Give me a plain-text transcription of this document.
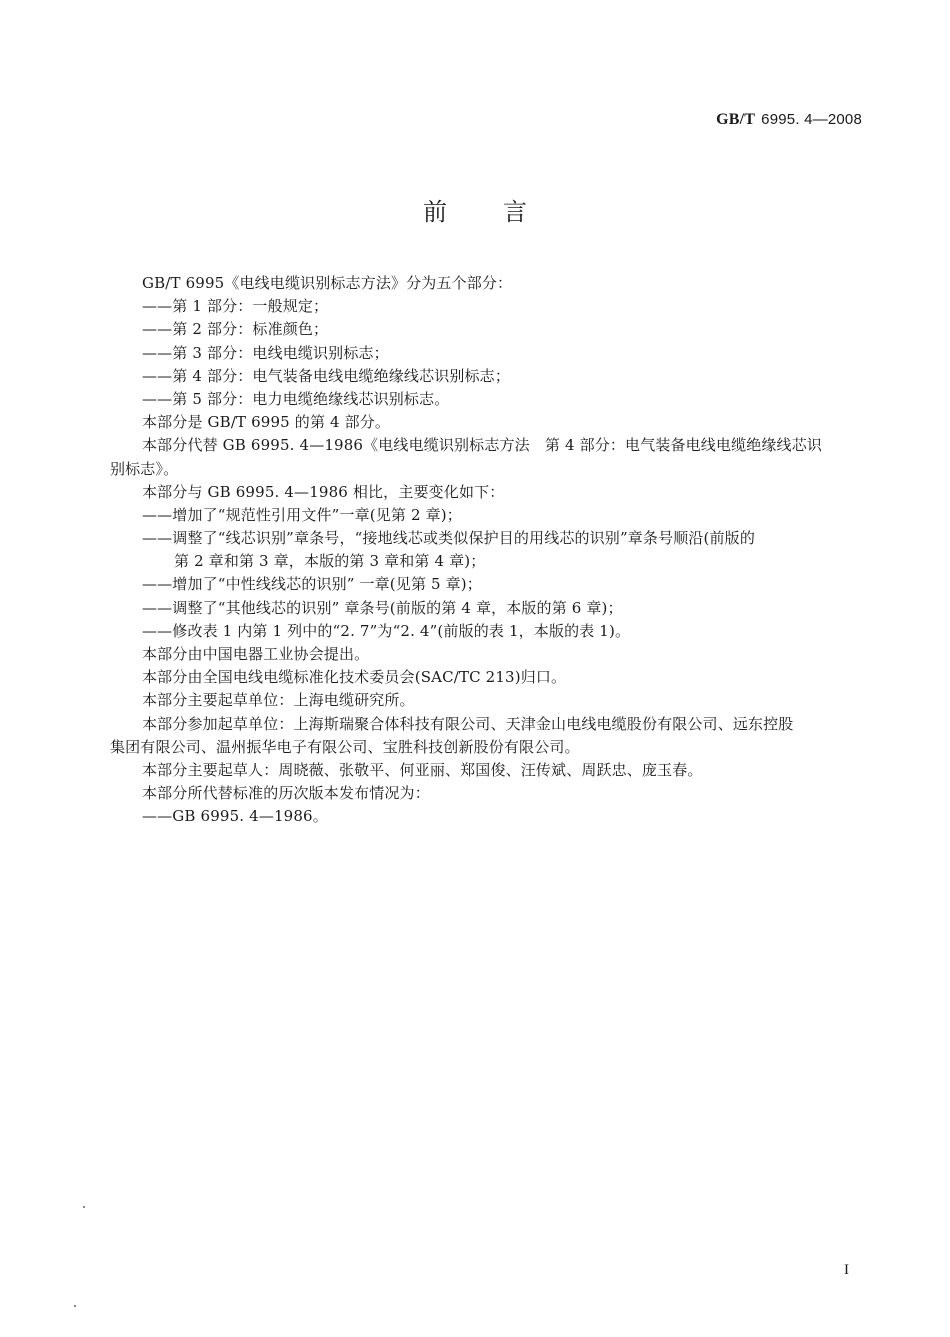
GB/T 6995. 4—2008
前言
GB/T 6995《电线电缆识别标志方法》分为五个部分：
——第 1 部分：一般规定；
——第 2 部分：标准颜色；
——第 3 部分：电线电缆识别标志；
——第 4 部分：电气装备电线电缆绝缘线芯识别标志；
——第 5 部分：电力电缆绝缘线芯识别标志。
本部分是 GB/T 6995 的第 4 部分。
本部分代替 GB 6995. 4—1986《电线电缆识别标志方法　第 4 部分：电气装备电线电缆绝缘线芯识
别标志》。
本部分与 GB 6995. 4—1986 相比，主要变化如下：
——增加了“规范性引用文件”一章(见第 2 章)；
——调整了“线芯识别”章条号，“接地线芯或类似保护目的用线芯的识别”章条号顺沿(前版的
第 2 章和第 3 章，本版的第 3 章和第 4 章)；
——增加了“中性线线芯的识别” 一章(见第 5 章)；
——调整了“其他线芯的识别” 章条号(前版的第 4 章，本版的第 6 章)；
——修改表 1 内第 1 列中的“2. 7”为“2. 4”(前版的表 1，本版的表 1)。
本部分由中国电器工业协会提出。
本部分由全国电线电缆标准化技术委员会(SAC/TC 213)归口。
本部分主要起草单位：上海电缆研究所。
本部分参加起草单位：上海斯瑞聚合体科技有限公司、天津金山电线电缆股份有限公司、远东控股
集团有限公司、温州振华电子有限公司、宝胜科技创新股份有限公司。
本部分主要起草人：周晓薇、张敬平、何亚丽、郑国俊、汪传斌、周跃忠、庞玉春。
本部分所代替标准的历次版本发布情况为：
——GB 6995. 4—1986。
I
